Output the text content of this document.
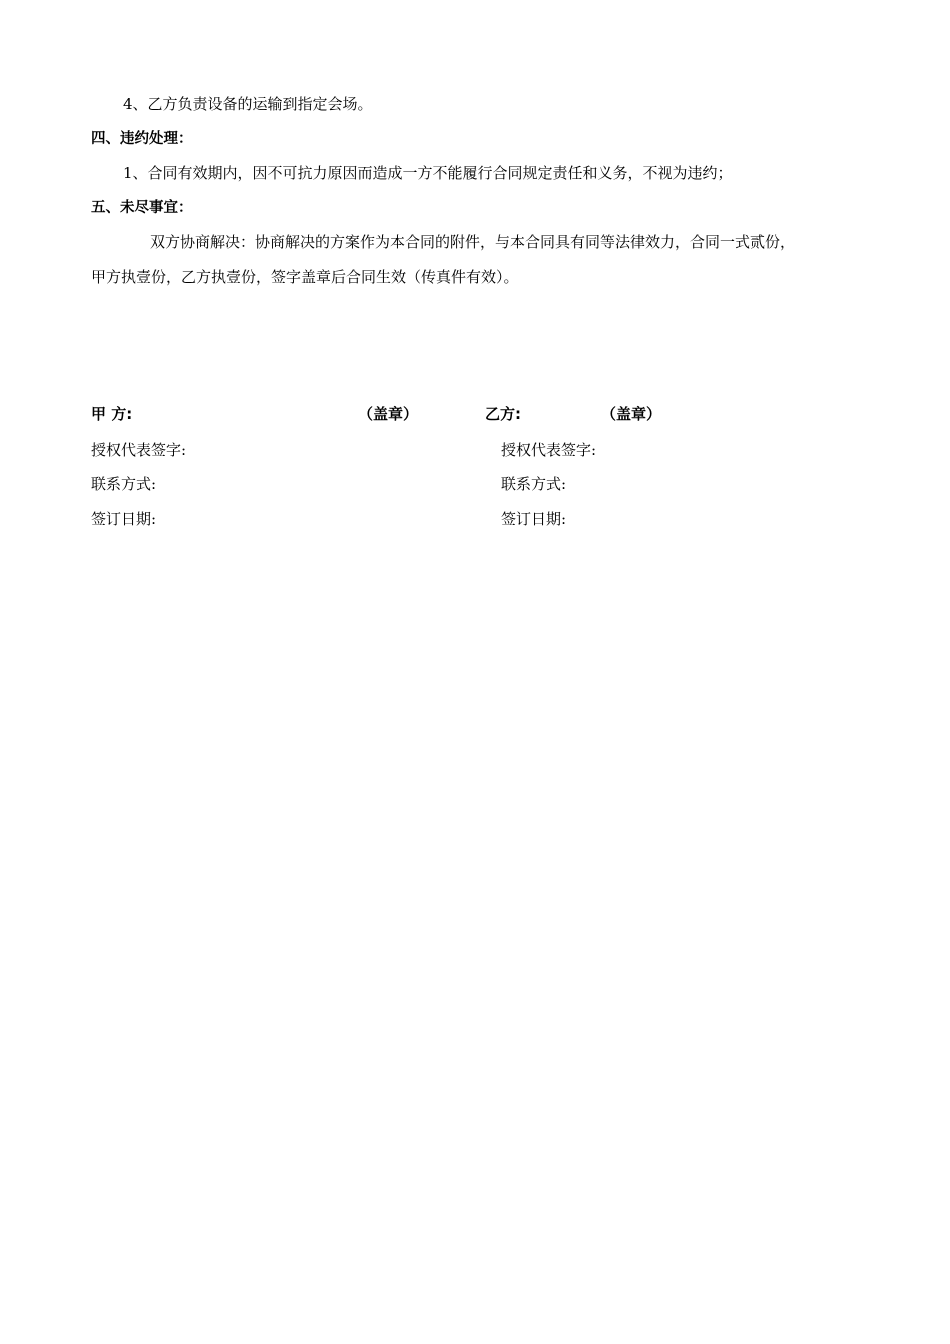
4、乙方负责设备的运输到指定会场。
四、违约处理：
1、合同有效期内，因不可抗力原因而造成一方不能履行合同规定责任和义务，不视为违约；
五、未尽事宜：
双方协商解决：协商解决的方案作为本合同的附件，与本合同具有同等法律效力，合同一式贰份，
甲方执壹份，乙方执壹份，签字盖章后合同生效（传真件有效）。
甲 方:	（盖章）
授权代表签字:
联系方式:
签订日期:
乙方:	（盖章）
授权代表签字:
联系方式:
签订日期:
